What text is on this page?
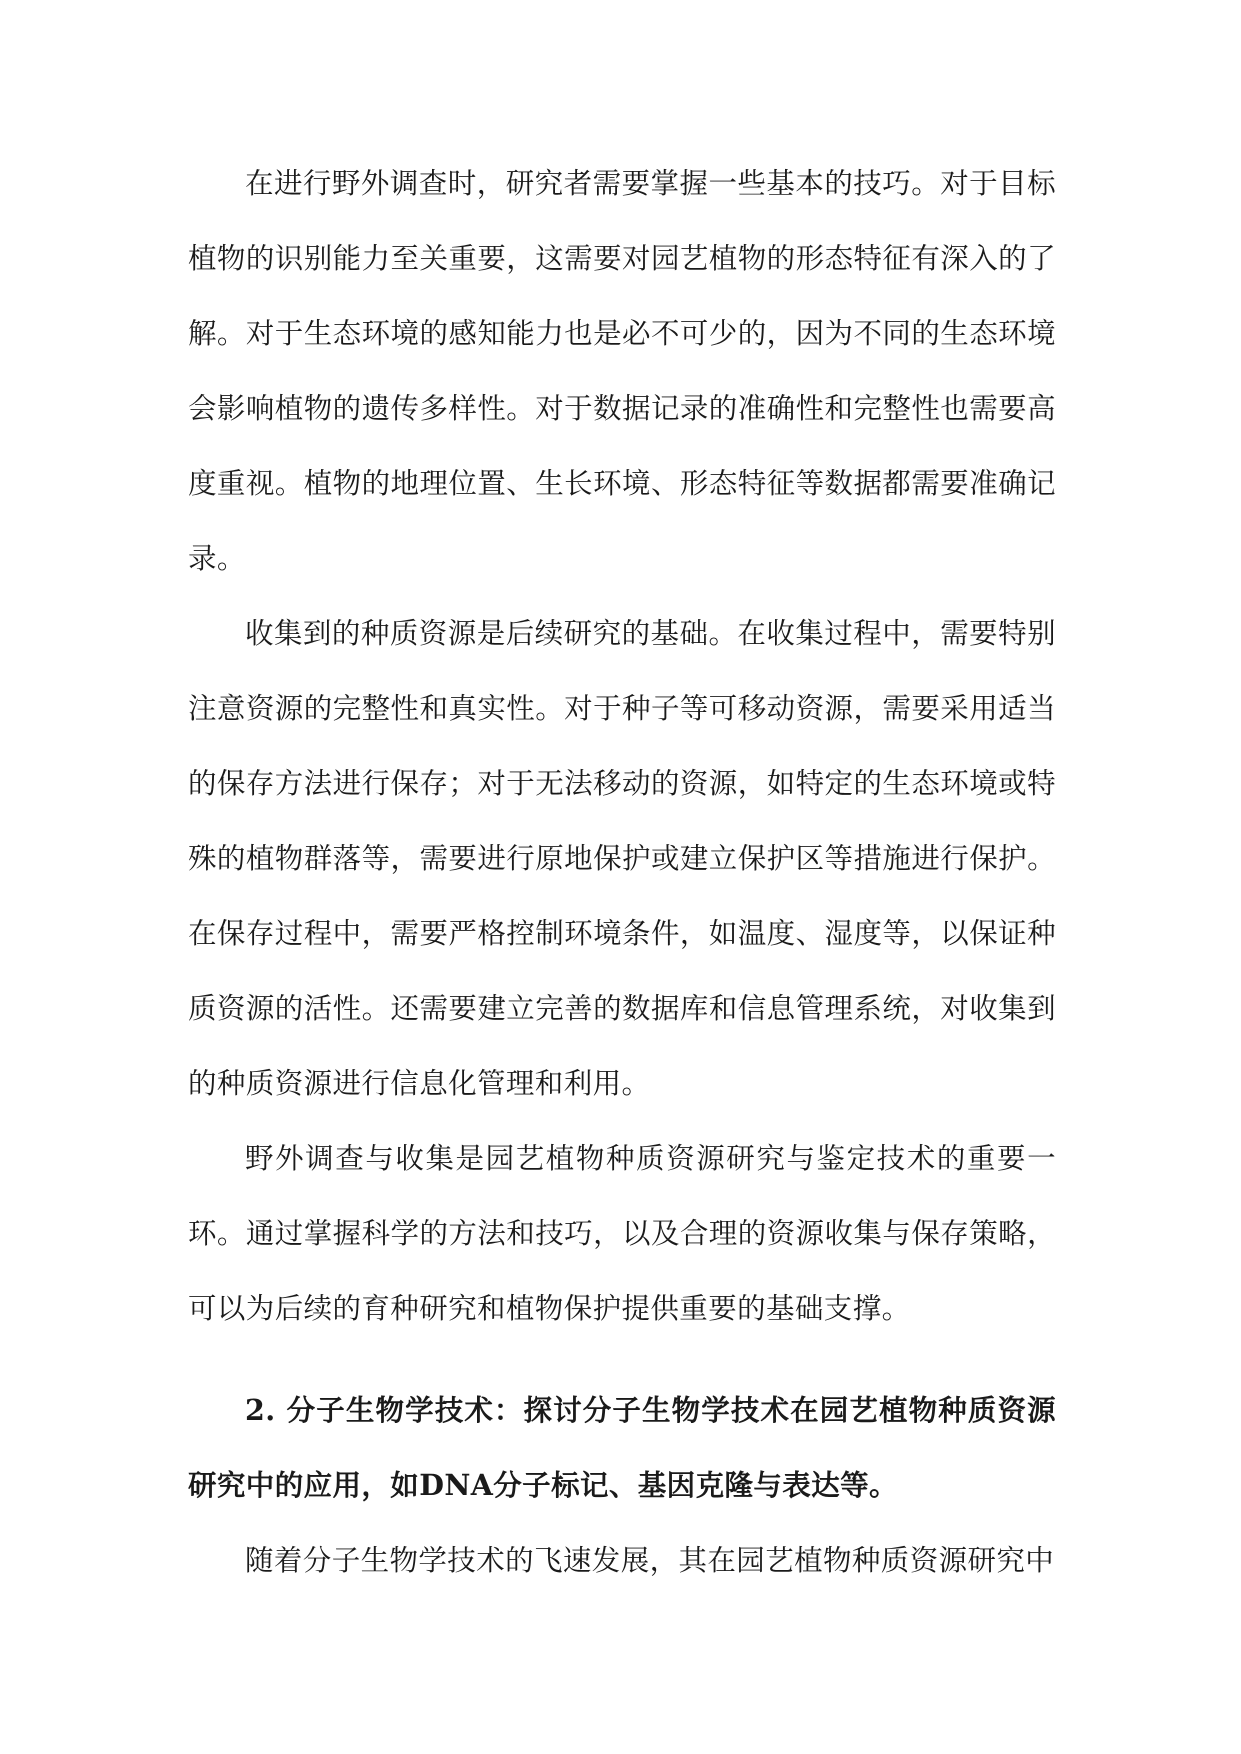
在进行野外调查时，研究者需要掌握一些基本的技巧。对于目标植物的识别能力至关重要，这需要对园艺植物的形态特征有深入的了解。对于生态环境的感知能力也是必不可少的，因为不同的生态环境会影响植物的遗传多样性。对于数据记录的准确性和完整性也需要高度重视。植物的地理位置、生长环境、形态特征等数据都需要准确记录。

收集到的种质资源是后续研究的基础。在收集过程中，需要特别注意资源的完整性和真实性。对于种子等可移动资源，需要采用适当的保存方法进行保存；对于无法移动的资源，如特定的生态环境或特殊的植物群落等，需要进行原地保护或建立保护区等措施进行保护。在保存过程中，需要严格控制环境条件，如温度、湿度等，以保证种质资源的活性。还需要建立完善的数据库和信息管理系统，对收集到的种质资源进行信息化管理和利用。

野外调查与收集是园艺植物种质资源研究与鉴定技术的重要一环。通过掌握科学的方法和技巧，以及合理的资源收集与保存策略，可以为后续的育种研究和植物保护提供重要的基础支撑。

2. 分子生物学技术：探讨分子生物学技术在园艺植物种质资源研究中的应用，如DNA分子标记、基因克隆与表达等。

随着分子生物学技术的飞速发展，其在园艺植物种质资源研究中
